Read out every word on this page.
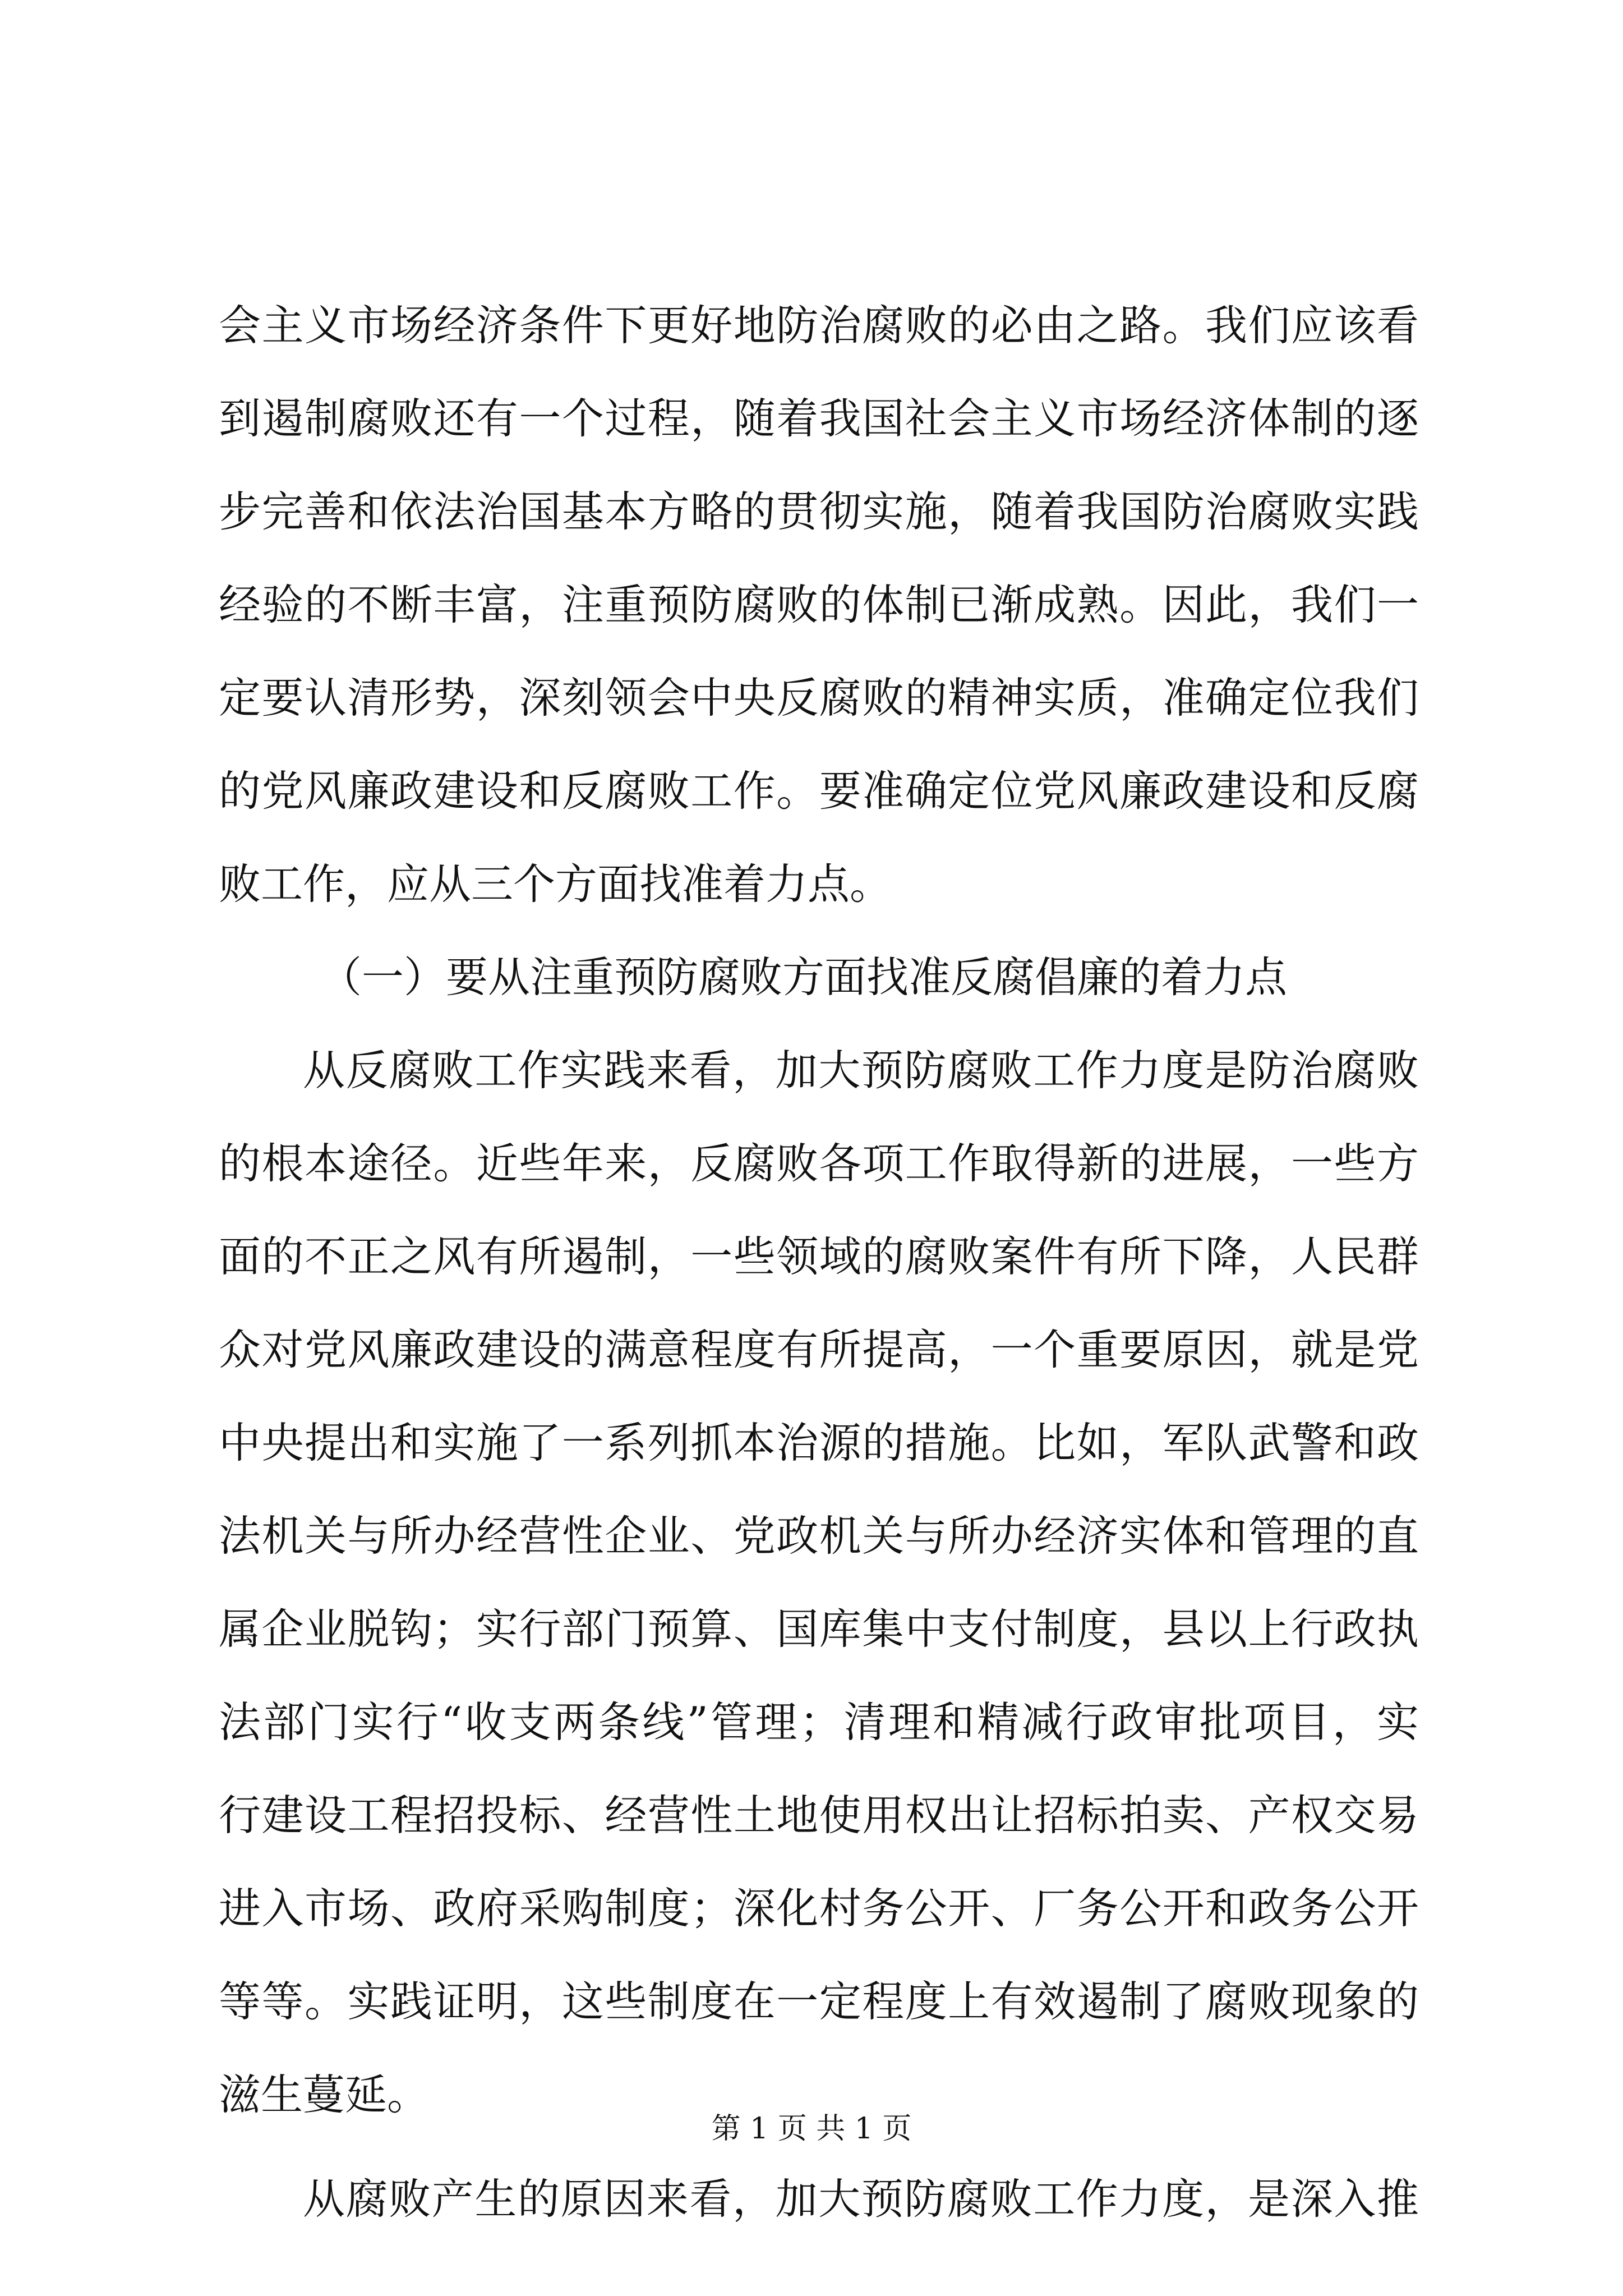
会主义市场经济条件下更好地防治腐败的必由之路。我们应该看
到遏制腐败还有一个过程，随着我国社会主义市场经济体制的逐
步完善和依法治国基本方略的贯彻实施，随着我国防治腐败实践
经验的不断丰富，注重预防腐败的体制已渐成熟。因此，我们一
定要认清形势，深刻领会中央反腐败的精神实质，准确定位我们
的党风廉政建设和反腐败工作。要准确定位党风廉政建设和反腐
败工作，应从三个方面找准着力点。
（一）要从注重预防腐败方面找准反腐倡廉的着力点
从反腐败工作实践来看，加大预防腐败工作力度是防治腐败
的根本途径。近些年来，反腐败各项工作取得新的进展，一些方
面的不正之风有所遏制，一些领域的腐败案件有所下降，人民群
众对党风廉政建设的满意程度有所提高，一个重要原因，就是党
中央提出和实施了一系列抓本治源的措施。比如，军队武警和政
法机关与所办经营性企业、党政机关与所办经济实体和管理的直
属企业脱钩；实行部门预算、国库集中支付制度，县以上行政执
法部门实行“收支两条线”管理；清理和精减行政审批项目，实
行建设工程招投标、经营性土地使用权出让招标拍卖、产权交易
进入市场、政府采购制度；深化村务公开、厂务公开和政务公开
等等。实践证明，这些制度在一定程度上有效遏制了腐败现象的
滋生蔓延。
从腐败产生的原因来看，加大预防腐败工作力度，是深入推
第 1 页 共 1 页
